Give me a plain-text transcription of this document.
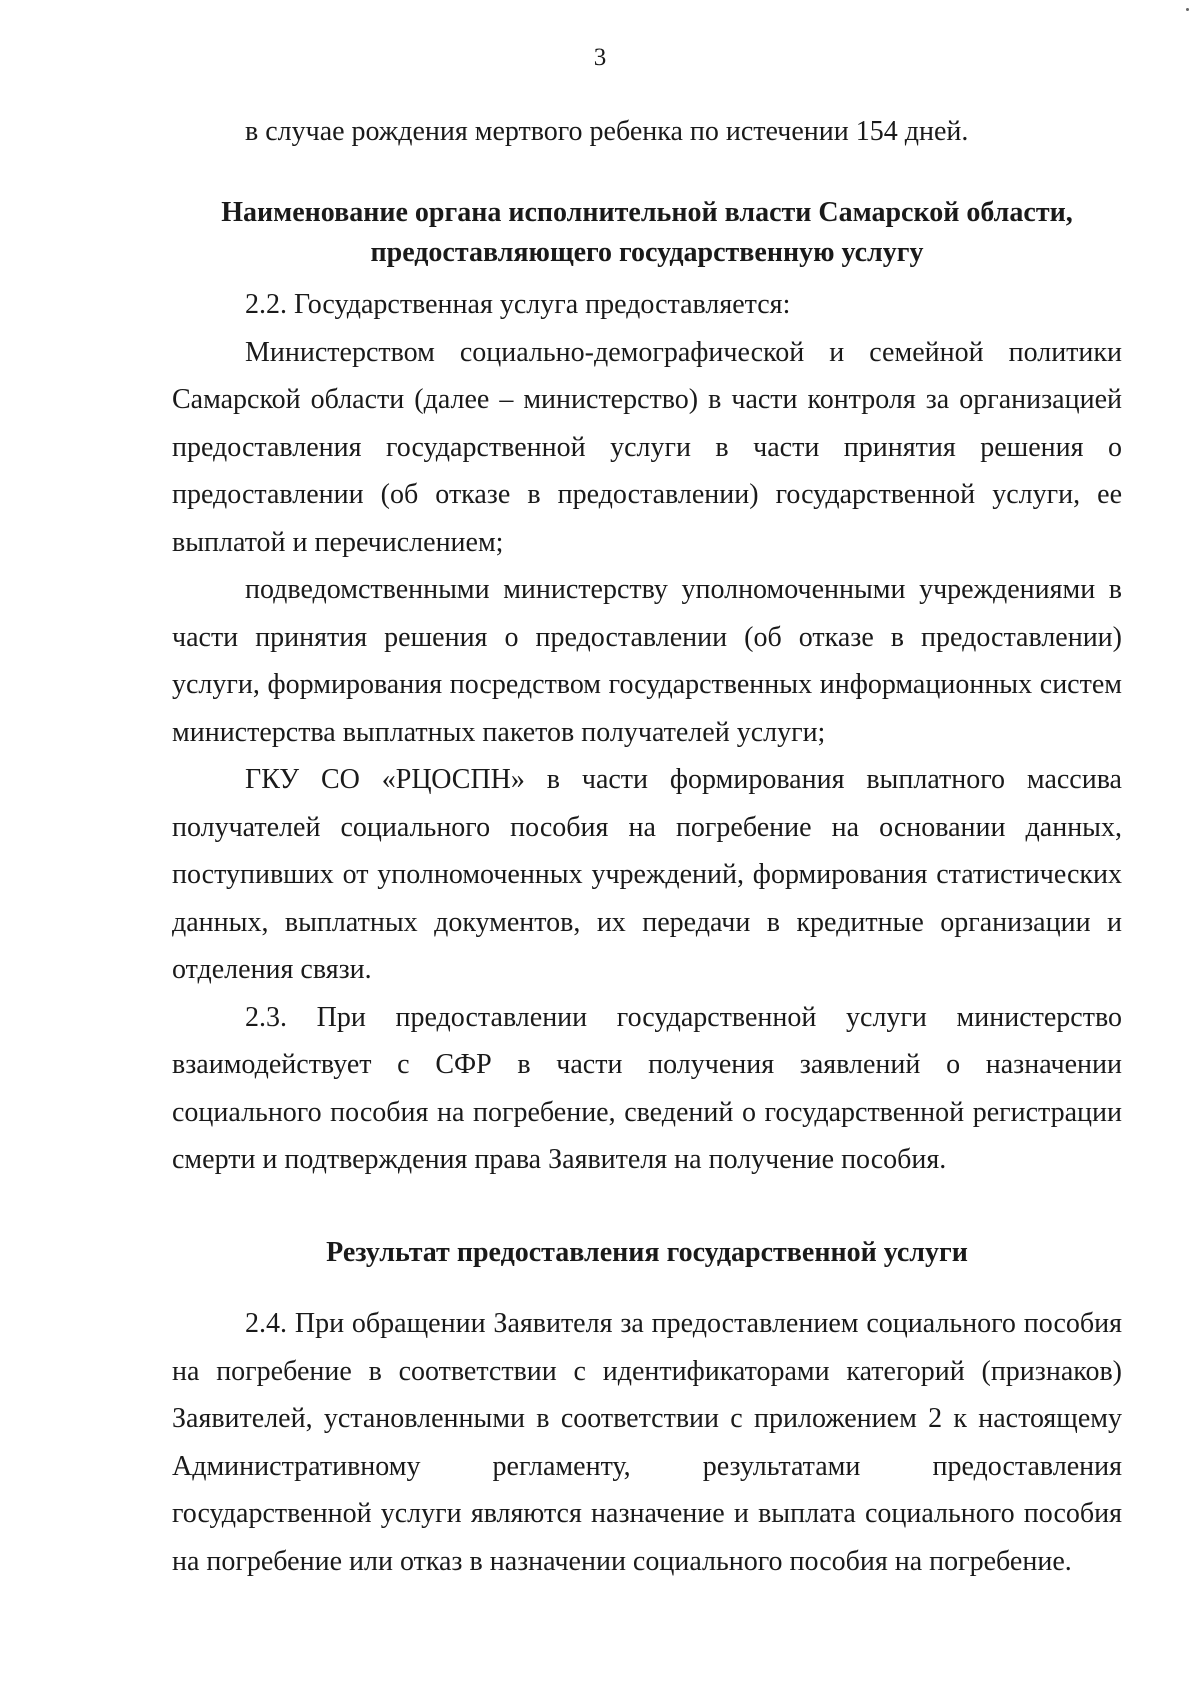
3

в случае рождения мертвого ребенка по истечении 154 дней.

Наименование органа исполнительной власти Самарской области, предоставляющего государственную услугу

2.2. Государственная услуга предоставляется:

Министерством социально-демографической и семейной политики Самарской области (далее – министерство) в части контроля за организацией предоставления государственной услуги в части принятия решения о предоставлении (об отказе в предоставлении) государственной услуги, ее выплатой и перечислением;

подведомственными министерству уполномоченными учреждениями в части принятия решения о предоставлении (об отказе в предоставлении) услуги, формирования посредством государственных информационных систем министерства выплатных пакетов получателей услуги;

ГКУ СО «РЦОСПН» в части формирования выплатного массива получателей социального пособия на погребение на основании данных, поступивших от уполномоченных учреждений, формирования статистических данных, выплатных документов, их передачи в кредитные организации и отделения связи.

2.3. При предоставлении государственной услуги министерство взаимодействует с СФР в части получения заявлений о назначении социального пособия на погребение, сведений о государственной регистрации смерти и подтверждения права Заявителя на получение пособия.

Результат предоставления государственной услуги

2.4. При обращении Заявителя за предоставлением социального пособия на погребение в соответствии с идентификаторами категорий (признаков) Заявителей, установленными в соответствии с приложением 2 к настоящему Административному регламенту, результатами предоставления государственной услуги являются назначение и выплата социального пособия на погребение или отказ в назначении социального пособия на погребение.
